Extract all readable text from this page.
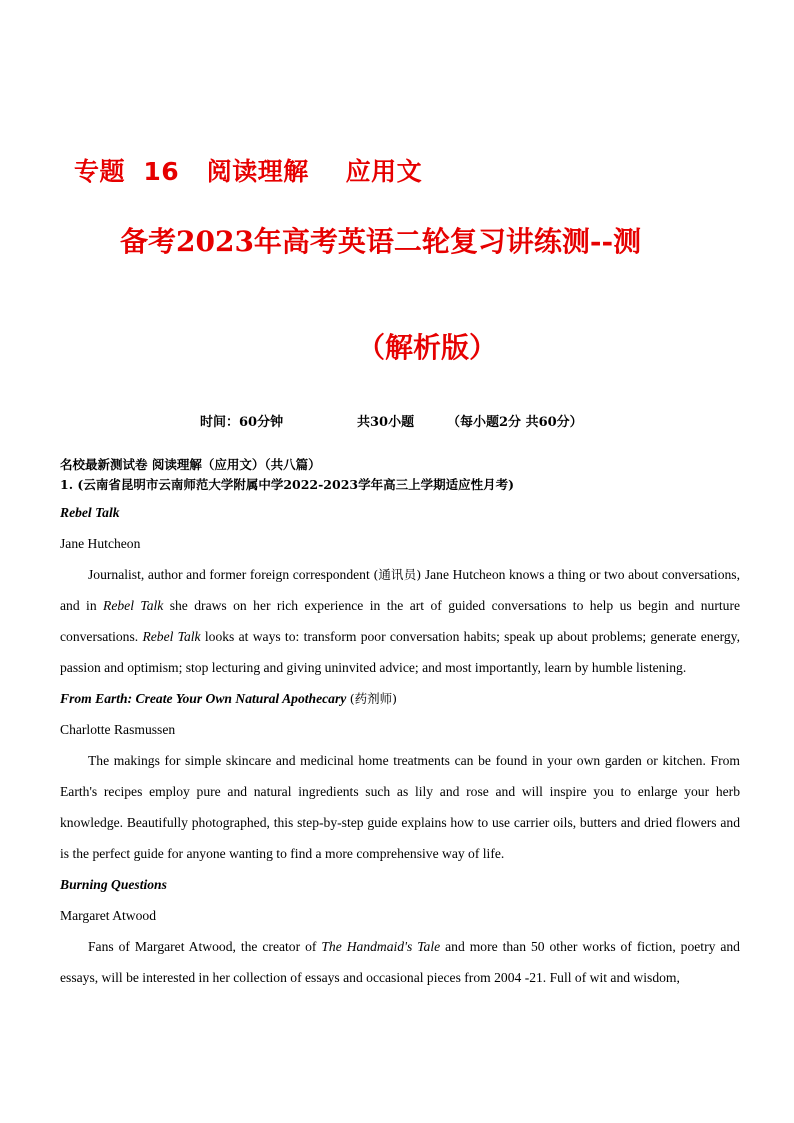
专题  16   阅读理解    应用文
备考2023年高考英语二轮复习讲练测--测
（解析版）
时间：60分钟	共30小题	（每小题2分 共60分）
名校最新测试卷 阅读理解（应用文）（共八篇）
1. (云南省昆明市云南师范大学附属中学2022-2023学年高三上学期适应性月考)

Rebel Talk

Jane Hutcheon

Journalist, author and former foreign correspondent (通讯员) Jane Hutcheon knows a thing or two about conversations, and in Rebel Talk she draws on her rich experience in the art of guided conversations to help us begin and nurture conversations. Rebel Talk looks at ways to: transform poor conversation habits; speak up about problems; generate energy, passion and optimism; stop lecturing and giving uninvited advice; and most importantly, learn by humble listening.

From Earth: Create Your Own Natural Apothecary (药剂师)

Charlotte Rasmussen

The makings for simple skincare and medicinal home treatments can be found in your own garden or kitchen. From Earth's recipes employ pure and natural ingredients such as lily and rose and will inspire you to enlarge your herb knowledge. Beautifully photographed, this step-by-step guide explains how to use carrier oils, butters and dried flowers and is the perfect guide for anyone wanting to find a more comprehensive way of life.

Burning Questions

Margaret Atwood

Fans of Margaret Atwood, the creator of The Handmaid's Tale and more than 50 other works of fiction, poetry and essays, will be interested in her collection of essays and occasional pieces from 2004 -21. Full of wit and wisdom,
